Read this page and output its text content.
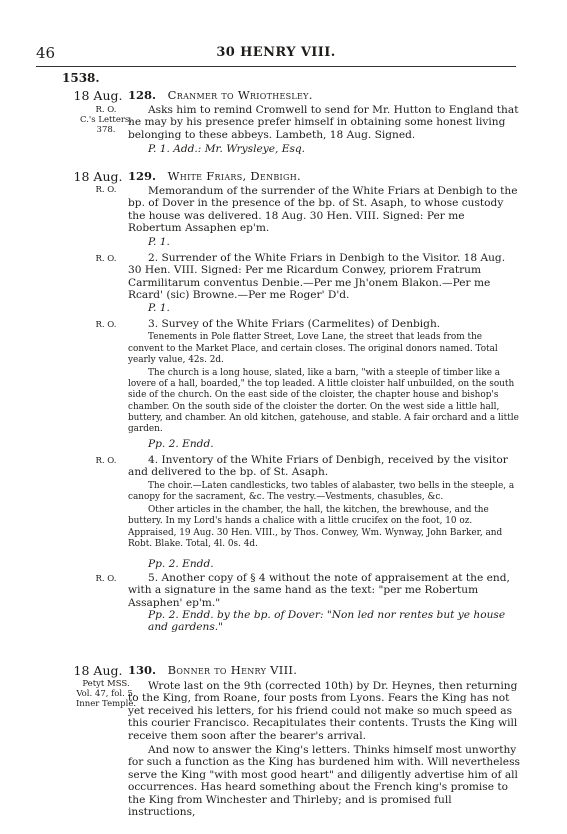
46	30 HENRY VIII.
1538.
18 Aug.
R. O.
C.'s Letters,
378.
128. Cranmer to Wriothesley.

Asks him to remind Cromwell to send for Mr. Hutton to England that he may by his presence prefer himself in obtaining some honest living belonging to these abbeys. Lambeth, 18 Aug. Signed.

P. 1. Add.: Mr. Wrysleye, Esq.
18 Aug.
R. O.
129. White Friars, Denbigh.

Memorandum of the surrender of the White Friars at Denbigh to the bp. of Dover in the presence of the bp. of St. Asaph, to whose custody the house was delivered. 18 Aug. 30 Hen. VIII. Signed: Per me Robertum Assaphen ep'm.

P. 1.
R. O.	2. Surrender of the White Friars in Denbigh to the Visitor. 18 Aug. 30 Hen. VIII. Signed: Per me Ricardum Conwey, priorem Fratrum Carmilitarum conventus Denbie.—Per me Jh'onem Blakon.—Per me Rcard' (sic) Browne.—Per me Roger' D'd.

P. 1.
R. O.	3. Survey of the White Friars (Carmelites) of Denbigh.

Tenements in Pole flatter Street, Love Lane, the street that leads from the convent to the Market Place, and certain closes. The original donors named. Total yearly value, 42s. 2d.

The church is a long house, slated, like a barn, "with a steeple of timber like a lovere of a hall, boarded," the top leaded. A little cloister half unbuilded, on the south side of the church. On the east side of the cloister, the chapter house and bishop's chamber. On the south side of the cloister the dorter. On the west side a little hall, buttery, and chamber. An old kitchen, gatehouse, and stable. A fair orchard and a little garden.

Pp. 2. Endd.
R. O.	4. Inventory of the White Friars of Denbigh, received by the visitor and delivered to the bp. of St. Asaph.

The choir.—Laten candlesticks, two tables of alabaster, two bells in the steeple, a canopy for the sacrament, &c. The vestry.—Vestments, chasubles, &c.

Other articles in the chamber, the hall, the kitchen, the brewhouse, and the buttery. In my Lord's hands a chalice with a little crucifex on the foot, 10 oz. Appraised, 19 Aug. 30 Hen. VIII., by Thos. Conwey, Wm. Wynway, John Barker, and Robt. Blake. Total, 4l. 0s. 4d.

Pp. 2. Endd.
R. O.	5. Another copy of § 4 without the note of appraisement at the end, with a signature in the same hand as the text: "per me Robertum Assaphen' ep'm."

Pp. 2. Endd. by the bp. of Dover: "Non led nor rentes but ye house and gardens."

18 Aug.
Petyt MSS.
Vol. 47, fol. 5.
Inner Temple.
130. Bonner to Henry VIII.

Wrote last on the 9th (corrected 10th) by Dr. Heynes, then returning to the King, from Roane, four posts from Lyons. Fears the King has not yet received his letters, for his friend could not make so much speed as this courier Francisco. Recapitulates their contents. Trusts the King will receive them soon after the bearer's arrival.

And now to answer the King's letters. Thinks himself most unworthy for such a function as the King has burdened him with. Will nevertheless serve the King "with most good heart" and diligently advertise him of all occurrences. Has heard something about the French king's promise to the King from Winchester and Thirleby; and is promised full instructions,
